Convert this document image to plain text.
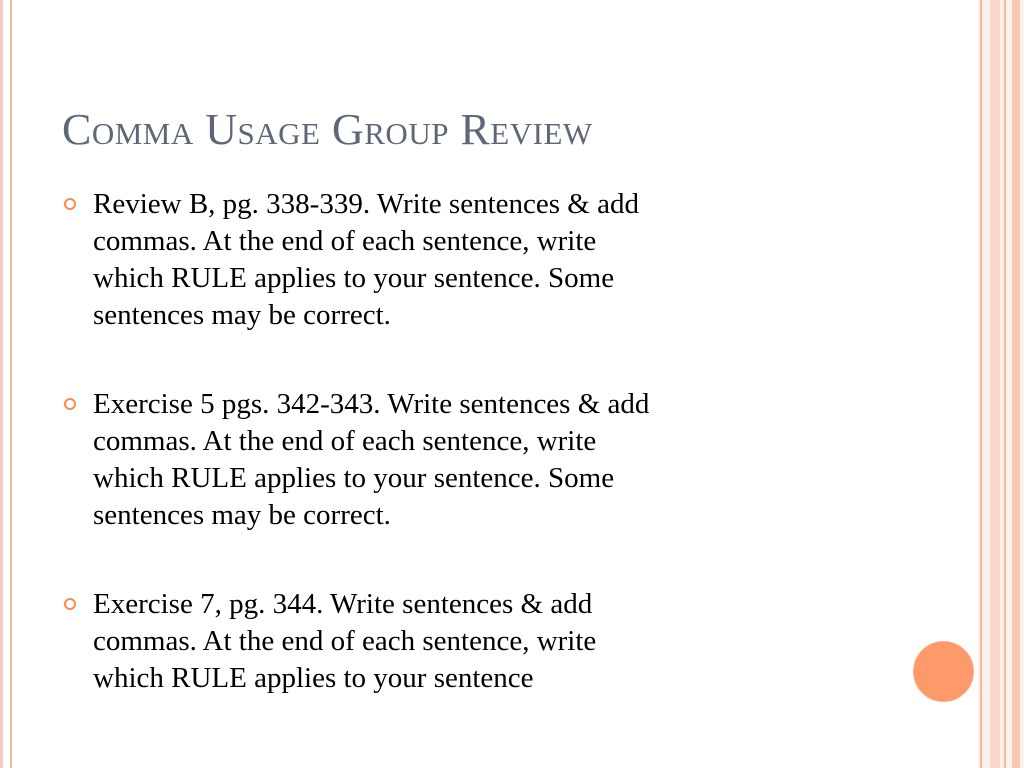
Comma Usage Group Review
Review B, pg. 338-339. Write sentences & add
commas. At the end of each sentence, write
which RULE applies to your sentence. Some
sentences may be correct.
Exercise 5 pgs. 342-343. Write sentences & add
commas. At the end of each sentence, write
which RULE applies to your sentence. Some
sentences may be correct.
Exercise 7, pg. 344. Write sentences & add
commas. At the end of each sentence, write
which RULE applies to your sentence
